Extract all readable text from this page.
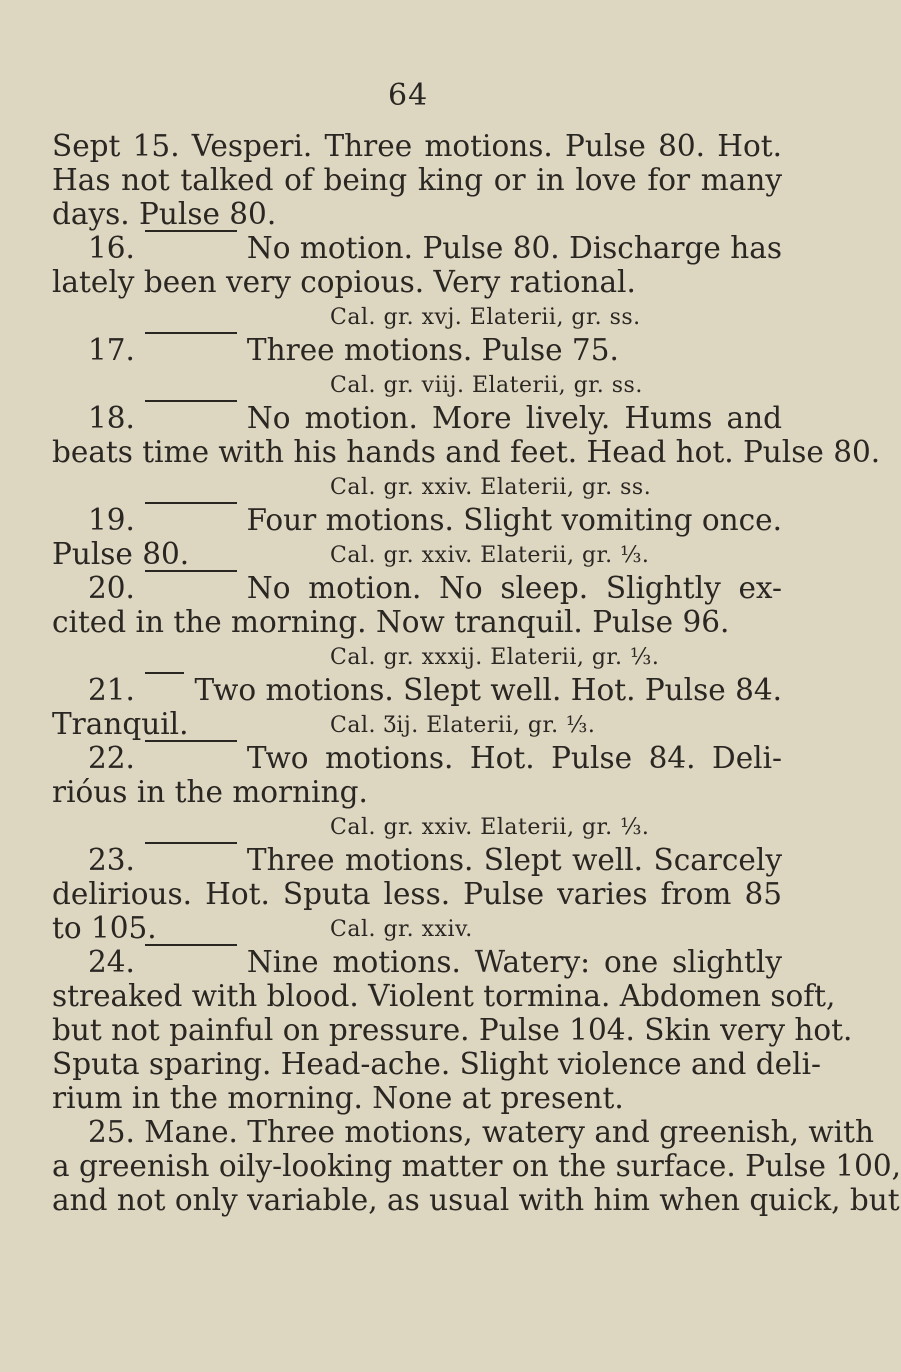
64
Sept 15. Vesperi. Three motions. Pulse 80. Hot.
Has not talked of being king or in love for many
days. Pulse 80.
16.	No motion. Pulse 80. Discharge has
lately been very copious. Very rational.
Cal. gr. xvj. Elaterii, gr. ss.
17.	Three motions. Pulse 75.
Cal. gr. viij. Elaterii, gr. ss.
18.	No motion. More lively. Hums and
beats time with his hands and feet. Head hot. Pulse 80.
Cal. gr. xxiv. Elaterii, gr. ss.
19.	Four motions. Slight vomiting once.
Pulse 80.	Cal. gr. xxiv. Elaterii, gr. ⅓.
20.	No motion. No sleep. Slightly ex-
cited in the morning. Now tranquil. Pulse 96.
Cal. gr. xxxij. Elaterii, gr. ⅓.
21. Two motions. Slept well. Hot. Pulse 84.
Tranquil.	Cal. Ʒij. Elaterii, gr. ⅓.
22.	Two motions. Hot. Pulse 84. Deli-
rióus in the morning.
Cal. gr. xxiv. Elaterii, gr. ⅓.
23.	Three motions. Slept well. Scarcely
delirious. Hot. Sputa less. Pulse varies from 85
to 105.	Cal. gr. xxiv.
24.	Nine motions. Watery: one slightly
streaked with blood. Violent tormina. Abdomen soft,
but not painful on pressure. Pulse 104. Skin very hot.
Sputa sparing. Head-ache. Slight violence and deli-
rium in the morning. None at present.
25. Mane. Three motions, watery and greenish, with
a greenish oily-looking matter on the surface. Pulse 100,
and not only variable, as usual with him when quick, but
